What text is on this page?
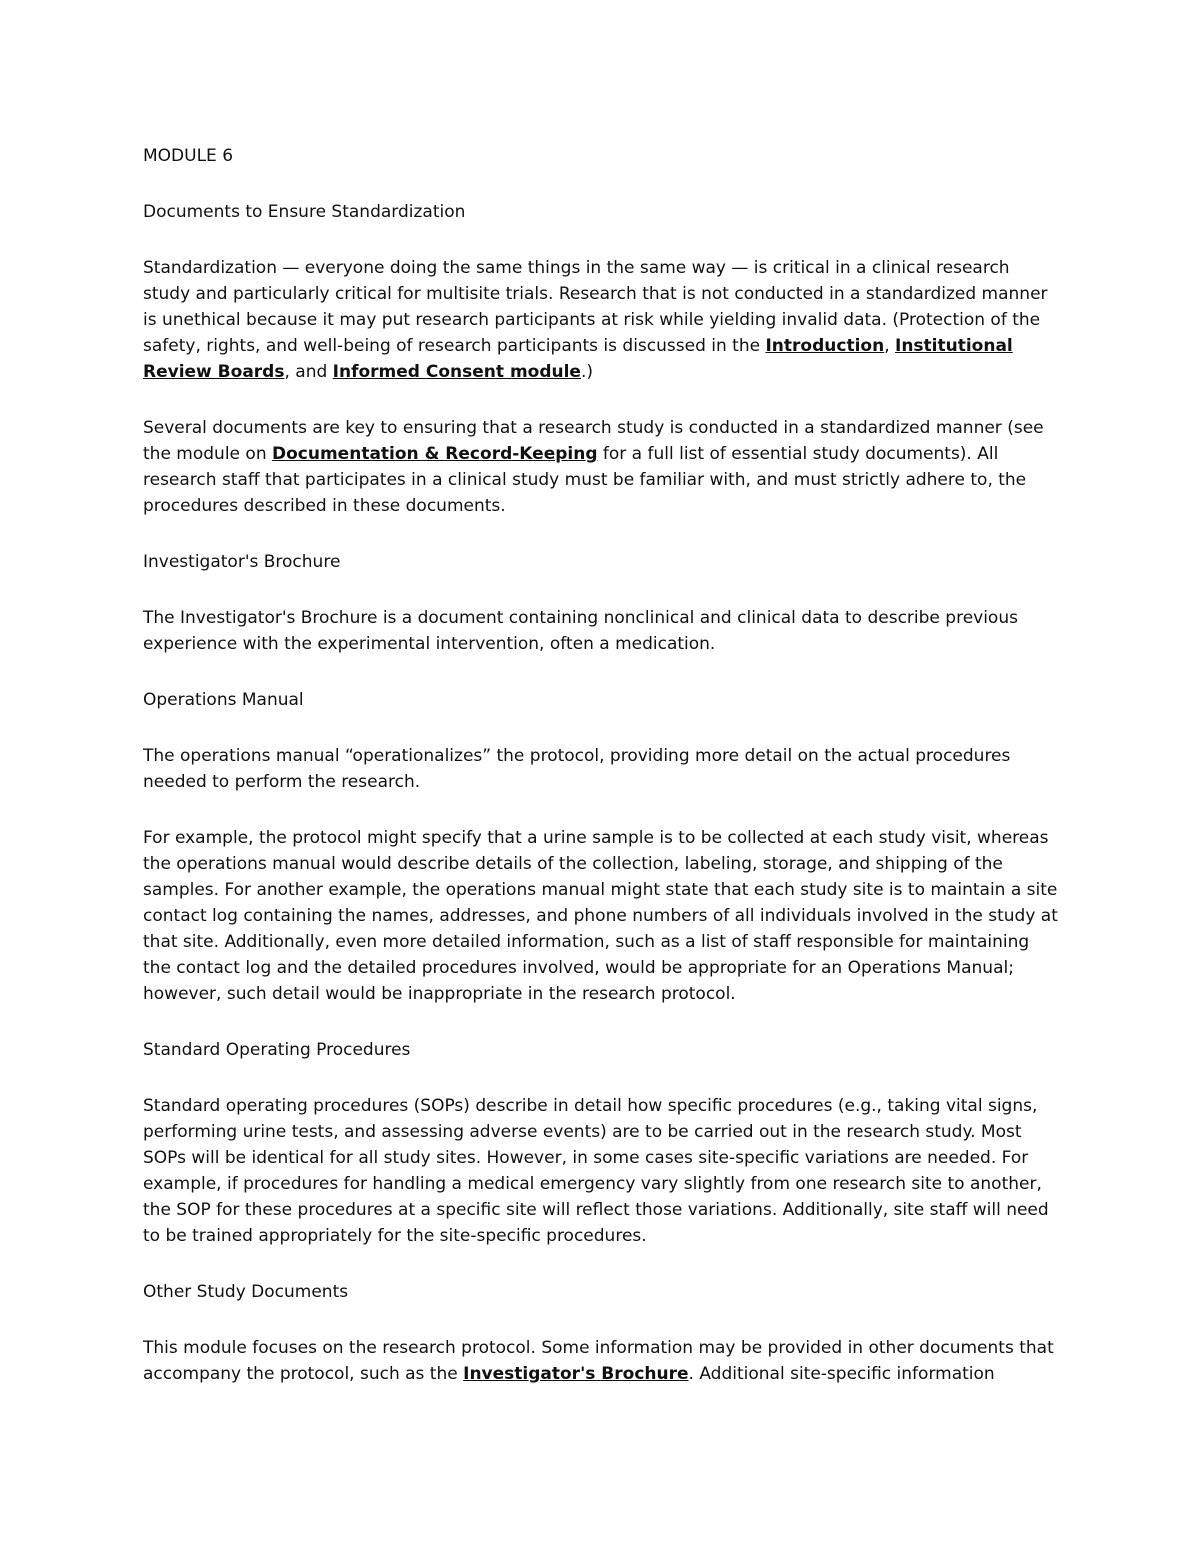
MODULE 6

Documents to Ensure Standardization

Standardization — everyone doing the same things in the same way — is critical in a clinical research study and particularly critical for multisite trials. Research that is not conducted in a standardized manner is unethical because it may put research participants at risk while yielding invalid data. (Protection of the safety, rights, and well-being of research participants is discussed in the Introduction, Institutional Review Boards, and Informed Consent module.)

Several documents are key to ensuring that a research study is conducted in a standardized manner (see the module on Documentation & Record-Keeping for a full list of essential study documents). All research staff that participates in a clinical study must be familiar with, and must strictly adhere to, the procedures described in these documents.

Investigator's Brochure

The Investigator's Brochure is a document containing nonclinical and clinical data to describe previous experience with the experimental intervention, often a medication.

Operations Manual

The operations manual “operationalizes” the protocol, providing more detail on the actual procedures needed to perform the research.

For example, the protocol might specify that a urine sample is to be collected at each study visit, whereas the operations manual would describe details of the collection, labeling, storage, and shipping of the samples. For another example, the operations manual might state that each study site is to maintain a site contact log containing the names, addresses, and phone numbers of all individuals involved in the study at that site. Additionally, even more detailed information, such as a list of staff responsible for maintaining the contact log and the detailed procedures involved, would be appropriate for an Operations Manual; however, such detail would be inappropriate in the research protocol.

Standard Operating Procedures

Standard operating procedures (SOPs) describe in detail how specific procedures (e.g., taking vital signs, performing urine tests, and assessing adverse events) are to be carried out in the research study. Most SOPs will be identical for all study sites. However, in some cases site-specific variations are needed. For example, if procedures for handling a medical emergency vary slightly from one research site to another, the SOP for these procedures at a specific site will reflect those variations. Additionally, site staff will need to be trained appropriately for the site-specific procedures.

Other Study Documents

This module focuses on the research protocol. Some information may be provided in other documents that accompany the protocol, such as the Investigator's Brochure. Additional site-specific information
